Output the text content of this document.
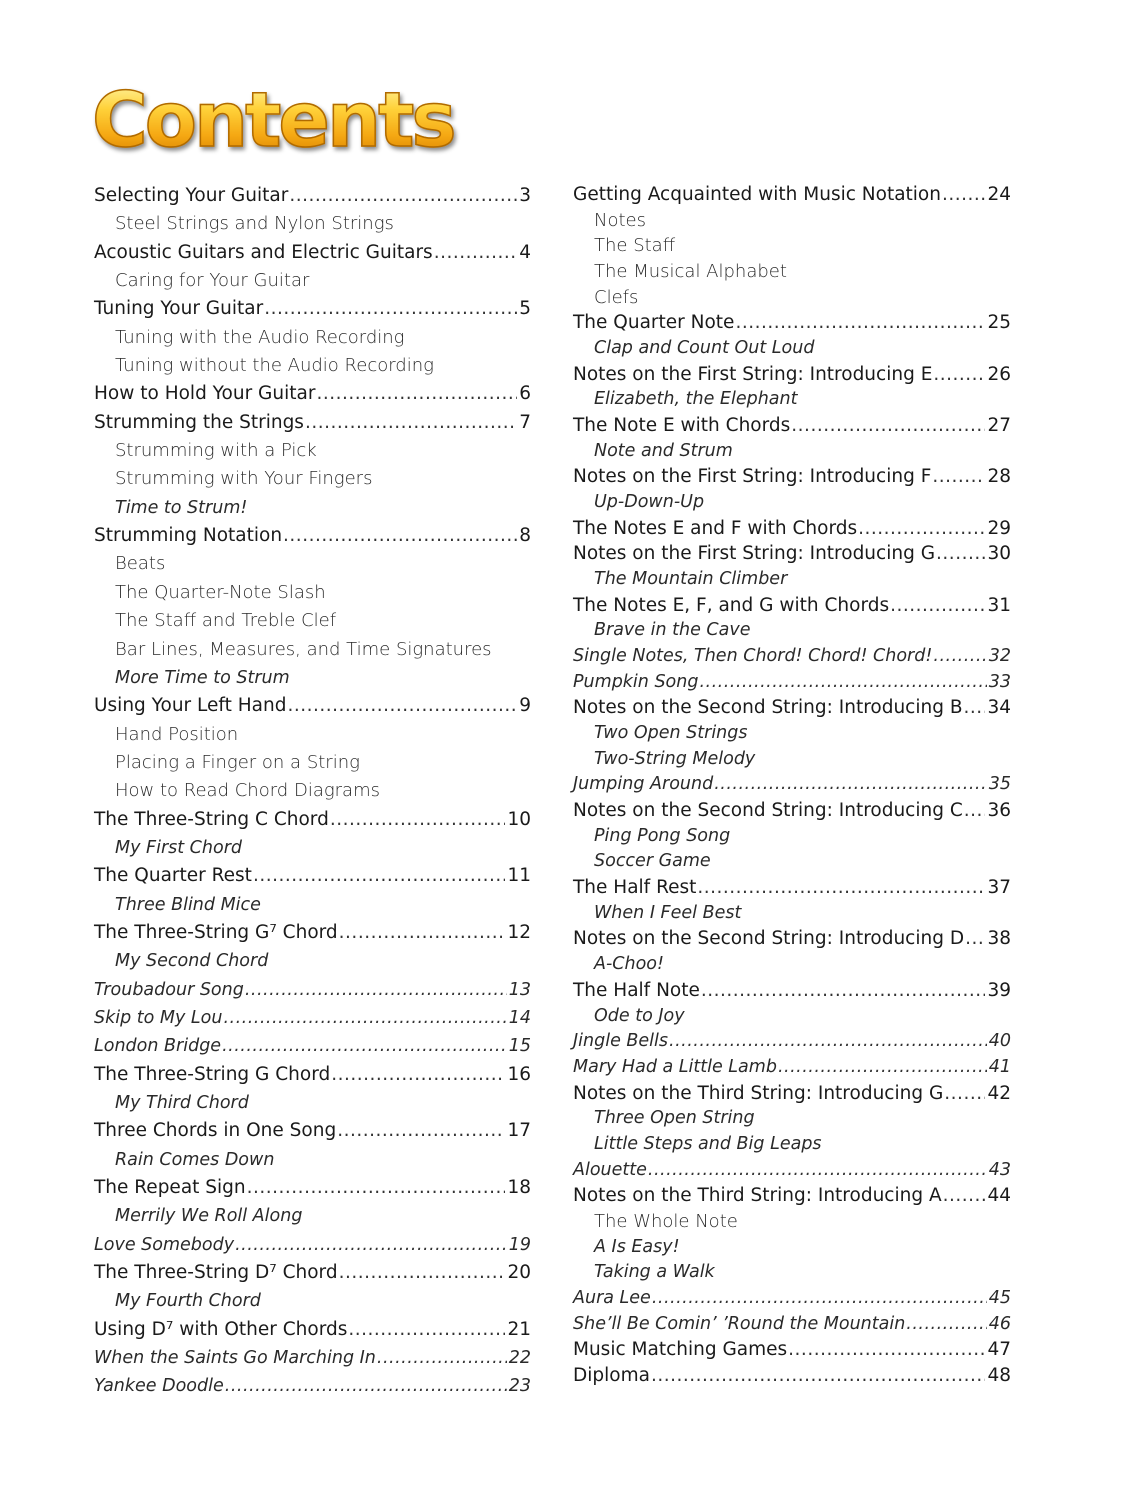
Contents
Selecting Your Guitar .....	3
Steel Strings and Nylon Strings
Acoustic Guitars and Electric Guitars .....	4
Caring for Your Guitar
Tuning Your Guitar .....	5
Tuning with the Audio Recording
Tuning without the Audio Recording
How to Hold Your Guitar .....	6
Strumming the Strings .....	7
Strumming with a Pick
Strumming with Your Fingers
Time to Strum!
Strumming Notation .....	8
Beats
The Quarter-Note Slash
The Staff and Treble Clef
Bar Lines, Measures, and Time Signatures
More Time to Strum
Using Your Left Hand .....	9
Hand Position
Placing a Finger on a String
How to Read Chord Diagrams
The Three-String C Chord .....	10
My First Chord
The Quarter Rest .....	11
Three Blind Mice
The Three-String G⁷ Chord .....	12
My Second Chord
Troubadour Song .....	13
Skip to My Lou .....	14
London Bridge .....	15
The Three-String G Chord .....	16
My Third Chord
Three Chords in One Song .....	17
Rain Comes Down
The Repeat Sign .....	18
Merrily We Roll Along
Love Somebody .....	19
The Three-String D⁷ Chord .....	20
My Fourth Chord
Using D⁷ with Other Chords .....	21
When the Saints Go Marching In .....	22
Yankee Doodle .....	23
Getting Acquainted with Music Notation .....	24
Notes
The Staff
The Musical Alphabet
Clefs
The Quarter Note .....	25
Clap and Count Out Loud
Notes on the First String: Introducing E .....	26
Elizabeth, the Elephant
The Note E with Chords .....	27
Note and Strum
Notes on the First String: Introducing F .....	28
Up-Down-Up
The Notes E and F with Chords .....	29
Notes on the First String: Introducing G .....	30
The Mountain Climber
The Notes E, F, and G with Chords .....	31
Brave in the Cave
Single Notes, Then Chord! Chord! Chord! .....	32
Pumpkin Song .....	33
Notes on the Second String: Introducing B ..... 34
Two Open Strings
Two-String Melody
Jumping Around .....	35
Notes on the Second String: Introducing C ..... 36
Ping Pong Song
Soccer Game
The Half Rest .....	37
When I Feel Best
Notes on the Second String: Introducing D ..... 38
A-Choo!
The Half Note .....	39
Ode to Joy
Jingle Bells .....	40
Mary Had a Little Lamb .....	41
Notes on the Third String: Introducing G ..... 42
Three Open String
Little Steps and Big Leaps
Alouette .....	43
Notes on the Third String: Introducing A ..... 44
The Whole Note
A Is Easy!
Taking a Walk
Aura Lee .....	45
She’ll Be Comin’ ’Round the Mountain .....	46
Music Matching Games .....	47
Diploma .....	48
